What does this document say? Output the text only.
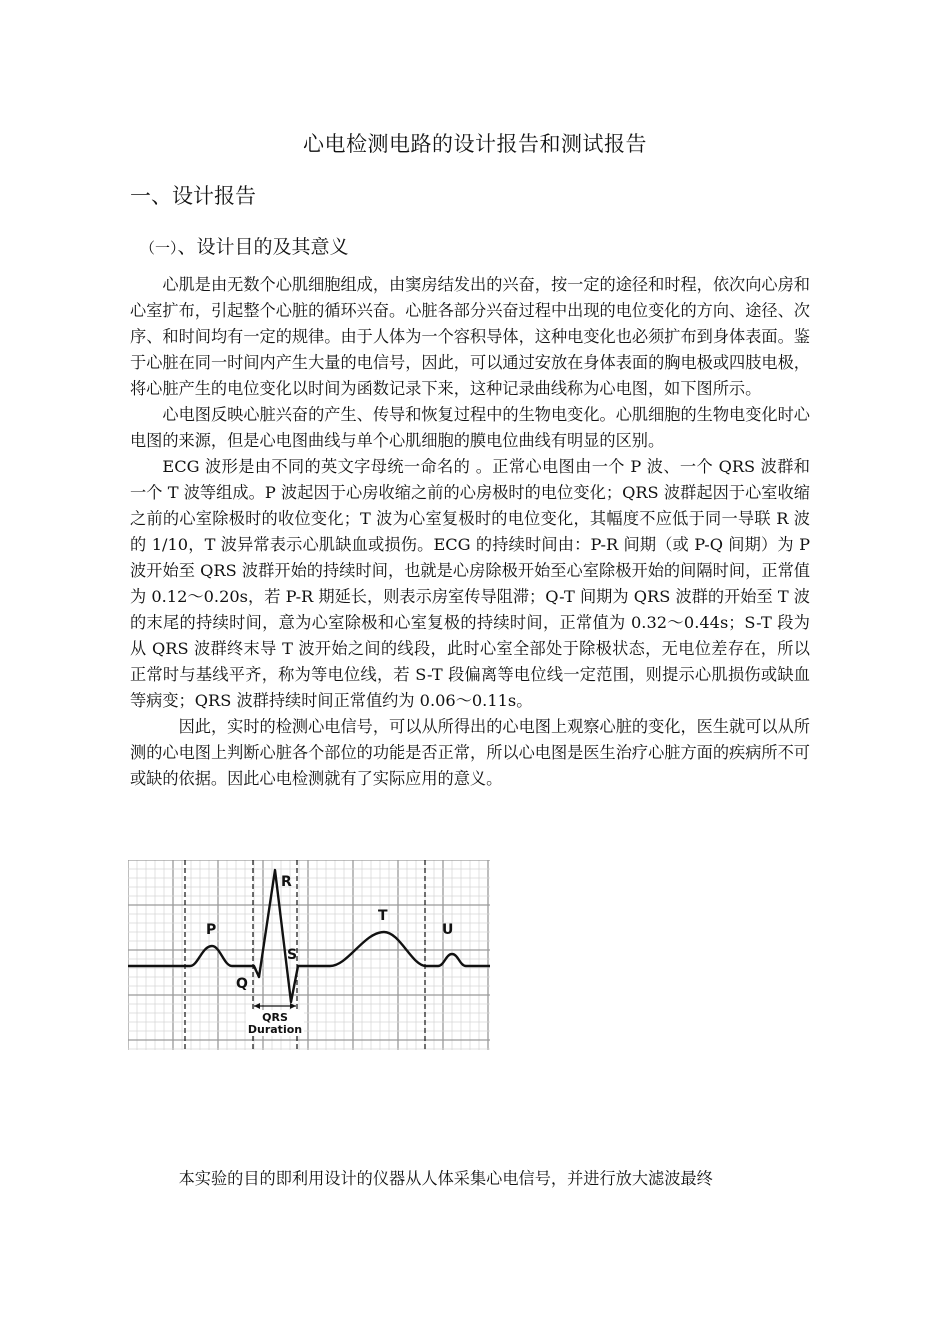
心电检测电路的设计报告和测试报告
一、设计报告
（一）、设计目的及其意义

心肌是由无数个心肌细胞组成，由窦房结发出的兴奋，按一定的途径和时程，依次向心房和心室扩布，引起整个心脏的循环兴奋。心脏各部分兴奋过程中出现的电位变化的方向、途径、次序、和时间均有一定的规律。由于人体为一个容积导体，这种电变化也必须扩布到身体表面。鉴于心脏在同一时间内产生大量的电信号，因此，可以通过安放在身体表面的胸电极或四肢电极，将心脏产生的电位变化以时间为函数记录下来，这种记录曲线称为心电图，如下图所示。

心电图反映心脏兴奋的产生、传导和恢复过程中的生物电变化。心肌细胞的生物电变化时心电图的来源，但是心电图曲线与单个心肌细胞的膜电位曲线有明显的区别。

ECG 波形是由不同的英文字母统一命名的 。正常心电图由一个 P 波、一个 QRS 波群和一个 T 波等组成。P 波起因于心房收缩之前的心房极时的电位变化；QRS 波群起因于心室收缩之前的心室除极时的收位变化；T 波为心室复极时的电位变化，其幅度不应低于同一导联 R 波的 1/10，T 波异常表示心肌缺血或损伤。ECG 的持续时间由：P-R 间期（或 P-Q 间期）为 P 波开始至 QRS 波群开始的持续时间，也就是心房除极开始至心室除极开始的间隔时间，正常值为 0.12～0.20s，若 P-R 期延长，则表示房室传导阻滞；Q-T 间期为 QRS 波群的开始至 T 波的末尾的持续时间，意为心室除极和心室复极的持续时间，正常值为 0.32～0.44s；S-T 段为从 QRS 波群终末导 T 波开始之间的线段，此时心室全部处于除极状态，无电位差存在，所以正常时与基线平齐，称为等电位线，若 S-T 段偏离等电位线一定范围，则提示心肌损伤或缺血等病变；QRS 波群持续时间正常值约为 0.06～0.11s。

因此，实时的检测心电信号，可以从所得出的心电图上观察心脏的变化，医生就可以从所测的心电图上判断心脏各个部位的功能是否正常，所以心电图是医生治疗心脏方面的疾病所不可或缺的依据。因此心电检测就有了实际应用的意义。

P
R
Q
S
T
U
QRS
Duration
本实验的目的即利用设计的仪器从人体采集心电信号，并进行放大滤波最终
